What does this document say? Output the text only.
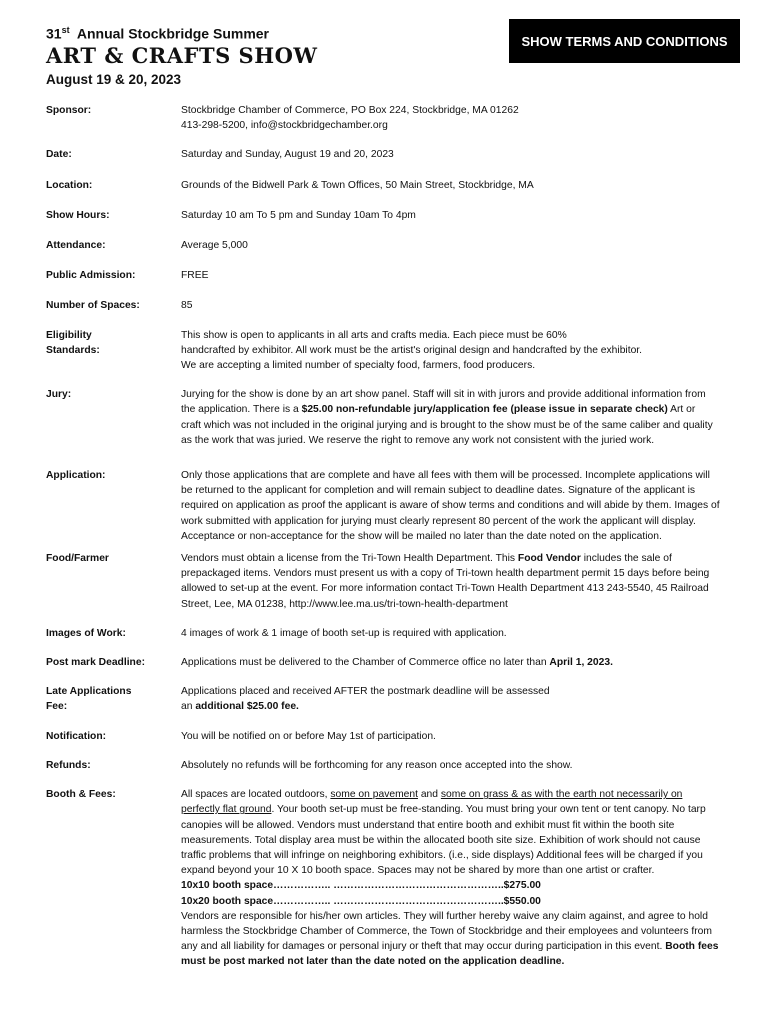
31st Annual Stockbridge Summer
ART & CRAFTS SHOW
August 19 & 20, 2023
SHOW TERMS AND CONDITIONS
Sponsor:	Stockbridge Chamber of Commerce, PO Box 224, Stockbridge, MA 01262
413-298-5200, info@stockbridgechamber.org
Date:	Saturday and Sunday, August 19 and 20, 2023
Location:	Grounds of the Bidwell Park & Town Offices, 50 Main Street, Stockbridge, MA
Show Hours:	Saturday 10 am To 5 pm and Sunday 10am To 4pm
Attendance:	Average 5,000
Public Admission:	FREE
Number of Spaces:	85
Eligibility
Standards:
This show is open to applicants in all arts and crafts media. Each piece must be 60%
handcrafted by exhibitor. All work must be the artist's original design and handcrafted by the exhibitor.
We are accepting a limited number of specialty food, farmers, food producers.
Jury:	Jurying for the show is done by an art show panel. Staff will sit in with jurors and provide additional information from
the application. There is a $25.00 non-refundable jury/application fee (please issue in separate check) Art or
craft which was not included in the original jurying and is brought to the show must be of the same caliber and quality
as the work that was juried. We reserve the right to remove any work not consistent with the juried work.
Application:	Only those applications that are complete and have all fees with them will be processed. Incomplete applications will
be returned to the applicant for completion and will remain subject to deadline dates. Signature of the applicant is
required on application as proof the applicant is aware of show terms and conditions and will abide by them. Images of
work submitted with application for jurying must clearly represent 80 percent of the work the applicant will display.
Acceptance or non-acceptance for the show will be mailed no later than the date noted on the application.
Food/Farmer	Vendors must obtain a license from the Tri-Town Health Department. This Food Vendor includes the sale of
prepackaged items. Vendors must present us with a copy of Tri-town health department permit 15 days before being
allowed to set-up at the event. For more information contact Tri-Town Health Department 413 243-5540, 45 Railroad
Street, Lee, MA 01238, http://www.lee.ma.us/tri-town-health-department
Images of Work:	4 images of work & 1 image of booth set-up is required with application.
Post mark Deadline:	Applications must be delivered to the Chamber of Commerce office no later than April 1, 2023.
Late Applications
Fee:
Applications placed and received AFTER the postmark deadline will be assessed
an additional $25.00 fee.
Notification:	You will be notified on or before May 1st of participation.
Refunds:	Absolutely no refunds will be forthcoming for any reason once accepted into the show.
Booth & Fees:	All spaces are located outdoors, some on pavement and some on grass & as with the earth not necessarily on
perfectly flat ground. Your booth set-up must be free-standing. You must bring your own tent or tent canopy. No tarp
canopies will be allowed. Vendors must understand that entire booth and exhibit must fit within the booth site
measurements. Total display area must be within the allocated booth site size. Exhibition of work should not cause
traffic problems that will infringe on neighboring exhibitors. (i.e., side displays) Additional fees will be charged if you
expand beyond your 10 X 10 booth space. Spaces may not be shared by more than one artist or crafter.
10x10 booth space…………….. …………………………………………..$275.00
10x20 booth space…………….. …………………………………………..$550.00
Vendors are responsible for his/her own articles. They will further hereby waive any claim against, and agree to hold
harmless the Stockbridge Chamber of Commerce, the Town of Stockbridge and their employees and volunteers from
any and all liability for damages or personal injury or theft that may occur during participation in this event. Booth fees
must be post marked not later than the date noted on the application deadline.
